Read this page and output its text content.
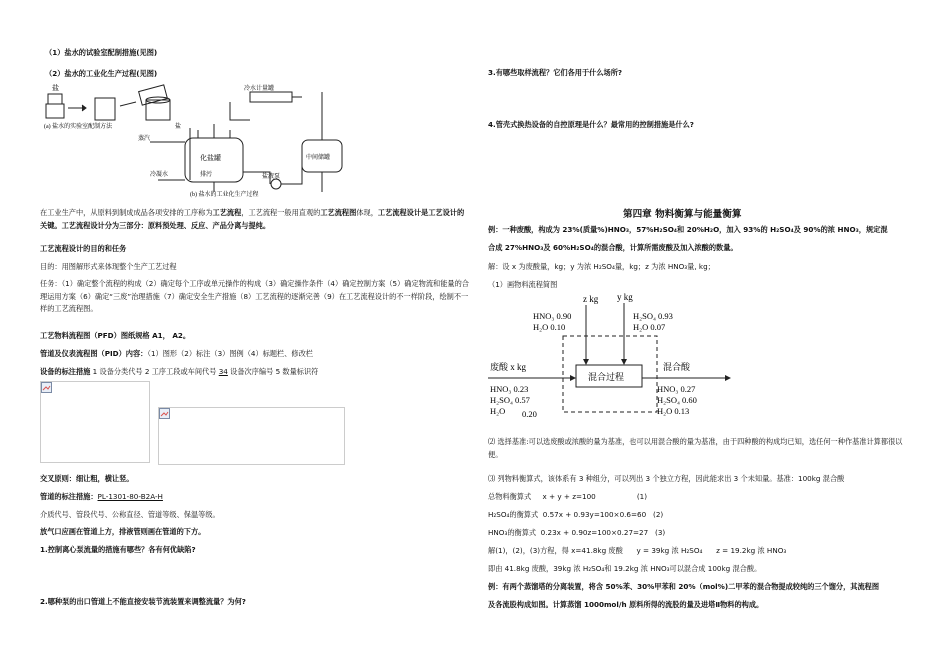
（1）盐水的试验室配制措施(见图)
（2）盐水的工业化生产过程(见图)
盐
(a) 盐水的实验室配制方法	盐
冷水计量罐
蒸汽
化盐罐	中间储罐
冷凝水	排污	盐液泵
(b) 盐水的工业化生产过程
在工业生产中，从原料到制成成品各项安排的工序称为工艺流程，工艺流程一般用直观的工艺流程图体现，工艺流程设计是工艺设计的关键。工艺流程设计分为三部分：原料预处理、反应、产品分离与提纯。
工艺流程设计的目的和任务
目的：用图解形式来体现整个生产工艺过程
任务：（1）确定整个流程的构成（2）确定每个工序或单元操作的构成（3）确定操作条件（4）确定控制方案（5）确定物流和能量的合理运用方案（6）确定“三废”治理措施（7）确定安全生产措施（8）工艺流程的逐渐完善（9）在工艺流程设计的不一样阶段，绘制不一样的工艺流程图。
工艺物料流程图（PFD）图纸规格 A1， A2。
管道及仪表流程图（PID）内容：（1）图形（2）标注（3）图例（4）标题栏、修改栏
设备的标注措施 1 设备分类代号 2 工序工段或车间代号 34 设备次序编号 5 数量标识符
交叉原则：细让粗，横让竖。
管道的标注措施：PL-1301-80-B2A-H
介质代号、管段代号、公称直径、管道等级、保温等级。
放气口应画在管道上方，排液管则画在管道的下方。
1.控制离心泵流量的措施有哪些？各有何优缺陷?
2.哪种泵的出口管道上不能直接安装节流装置来调整流量？为何?
3.有哪些取样流程？它们各用于什么场所?
4.管壳式换热设备的自控原理是什么？最常用的控制措施是什么?
第四章 物料衡算与能量衡算
例：一种废酸，构成为 23%(质量%)HNO₃，57%H₂SO₄和 20%H₂O，加入 93%的 H₂SO₄及 90%的浓 HNO₃，规定混
合成 27%HNO₃及 60%H₂SO₄的混合酸，计算所需废酸及加入浓酸的数量。
解：设 x 为废酸量，kg；y 为浓 H₂SO₄量，kg；z 为浓 HNO₃量, kg；
（1）画物料流程简图
z kg y kg
HNO₃ 0.90
H₂O 0.10
H₂SO₄ 0.93
H₂O 0.07
废酸 x kg
混合过程
混合酸
HNO₃ 0.23
H₂SO₄ 0.57
H₂O 0.20
HNO₃ 0.27
H₂SO₄ 0.60
H₂O 0.13
⑵ 选择基准:可以选废酸或浓酸的量为基准，也可以用混合酸的量为基准，由于四种酸的构成均已知，选任何一种作基准计算都很以便。
⑶ 列物料衡算式，该体系有 3 种组分，可以列出 3 个独立方程，因此能求出 3 个未知量。基准：100kg 混合酸
总物料衡算式     x + y + z=100                  (1)
H₂SO₄的衡算式  0.57x + 0.93y=100×0.6=60   (2)
HNO₃的衡算式  0.23x + 0.90z=100×0.27=27   (3)
解(1)，(2)，(3)方程，得 x=41.8kg 废酸      y = 39kg 浓 H₂SO₄      z = 19.2kg 浓 HNO₃
即由 41.8kg 废酸，39kg 浓 H₂SO₄和 19.2kg 浓 HNO₃可以混合成 100kg 混合酸。
例：有两个蒸馏塔的分离装置，将含 50%苯、30%甲苯和 20%（mol%)二甲苯的混合物提成较纯的三个馏分，其流程图
及各流股构成如图。计算蒸馏 1000mol/h 原料所得的流股的量及进塔Ⅱ物料的构成。
